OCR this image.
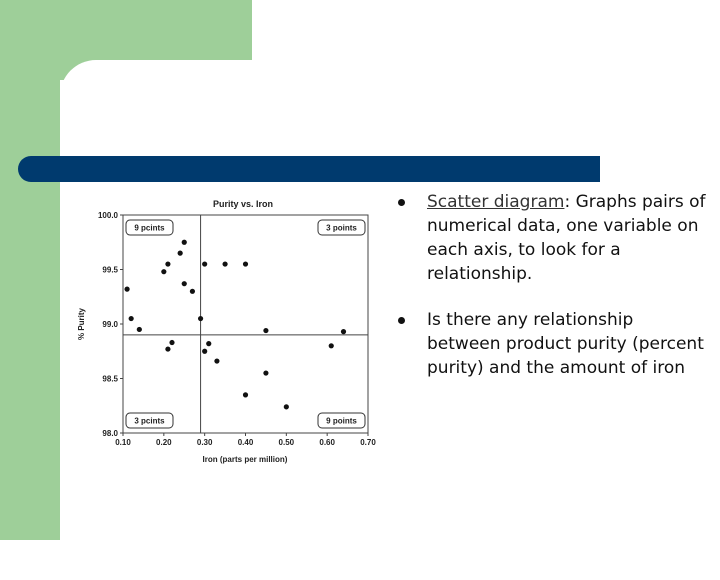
Purity vs. Iron
0.10	0.20	0.30	0.40	0.50	0.60	0.70
98.0
98.5
99.0
99.5
100.0
9 pcints	3 points
3 pcints	9 points
Iron (parts per million)
% Purity
Scatter diagram: Graphs pairs of numerical data, one variable on each axis, to look for a relationship.
Is there any relationship between product purity (percent purity) and the amount of iron
